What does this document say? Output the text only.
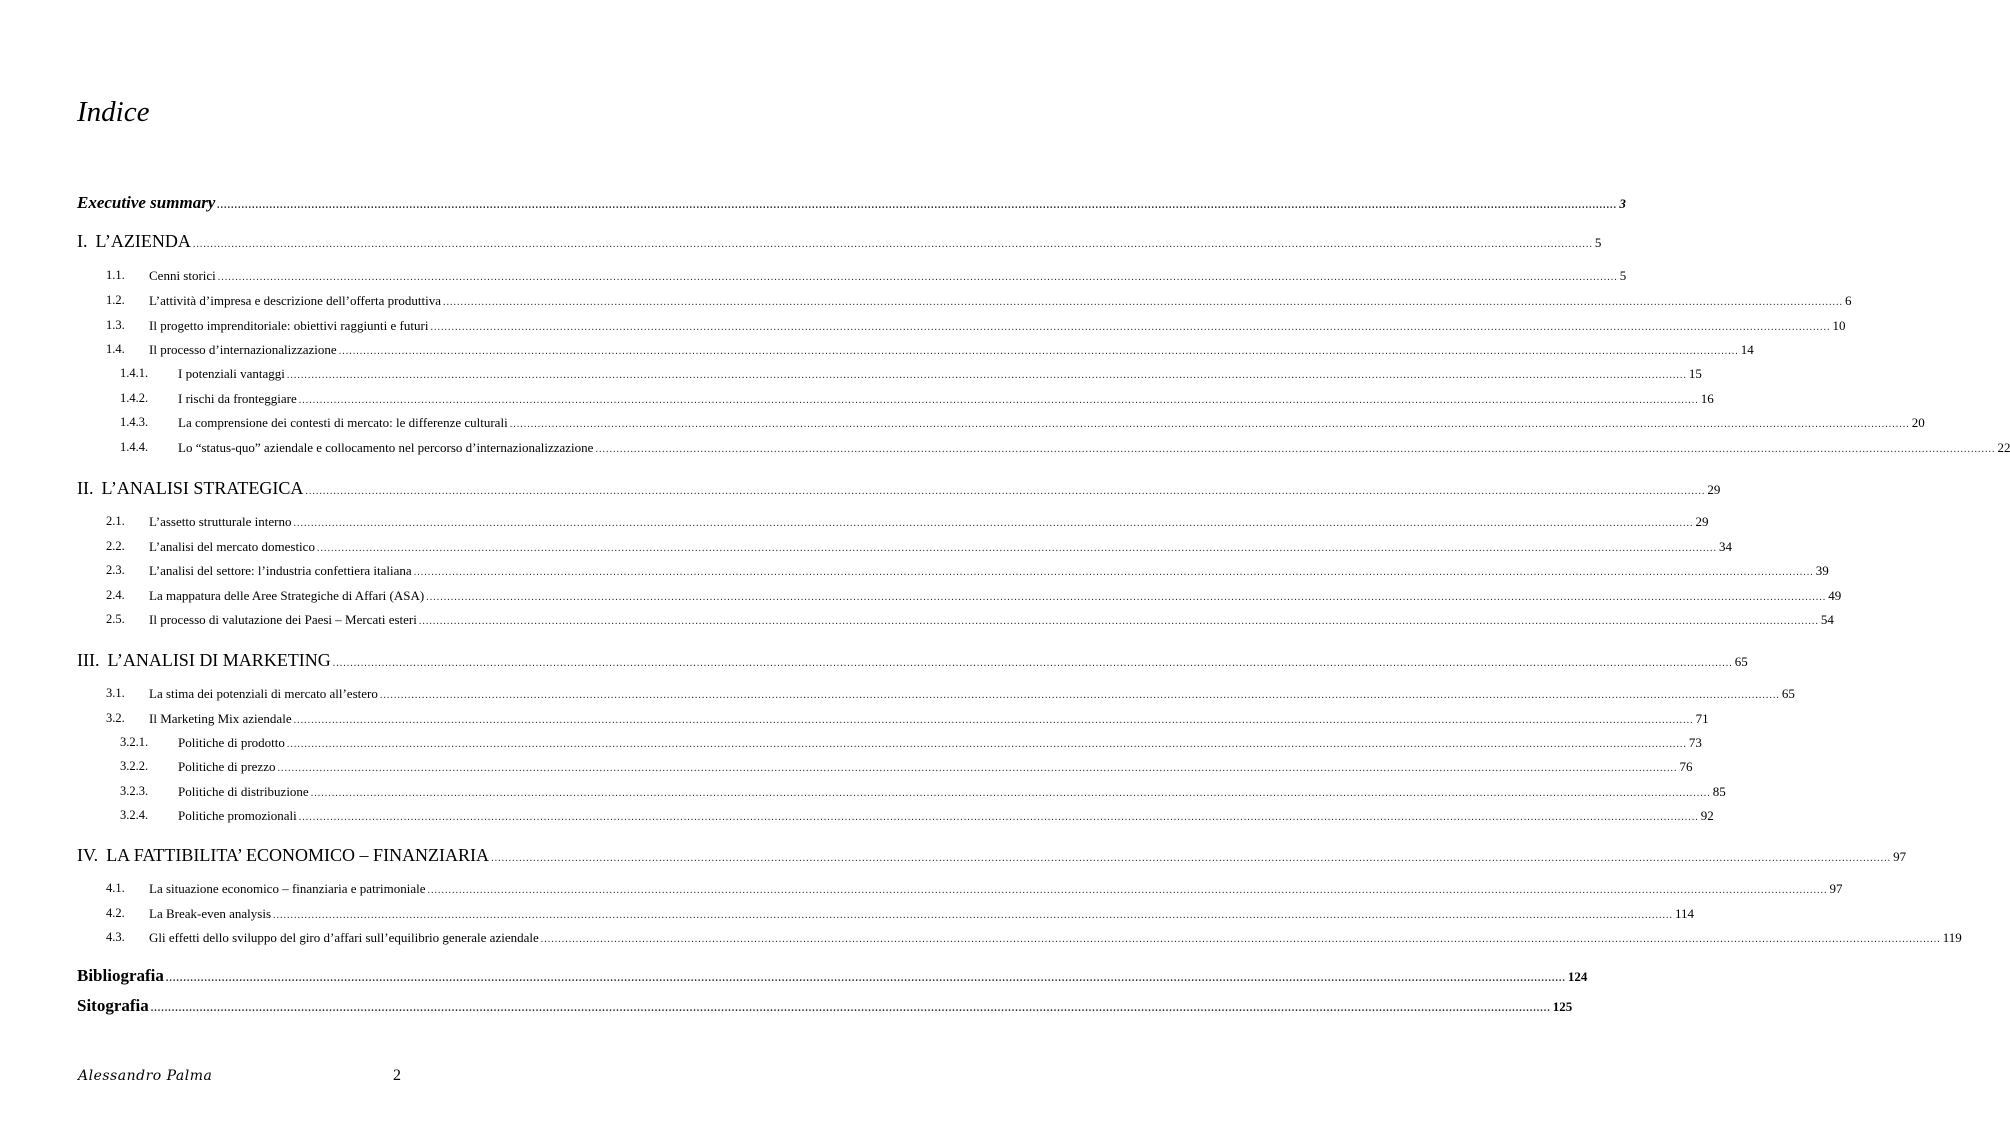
Indice
Executive summary ................................................................................................................................................................................................................................................................................................................................................................................................................ 3
I. L’AZIENDA ................................................................................................................................................................................................................................................................................................................................................................................................................ 5
1.1. Cenni storici ................................................................................................................................................................................................................................................................................................................................................................................................................ 5
1.2. L’attività d’impresa e descrizione dell’offerta produttiva ................................................................................................................................................................................................................................................................................................................................................................................................................ 6
1.3. Il progetto imprenditoriale: obiettivi raggiunti e futuri ................................................................................................................................................................................................................................................................................................................................................................................................................ 10
1.4. Il processo d’internazionalizzazione ................................................................................................................................................................................................................................................................................................................................................................................................................ 14
1.4.1. I potenziali vantaggi ................................................................................................................................................................................................................................................................................................................................................................................................................ 15
1.4.2. I rischi da fronteggiare ................................................................................................................................................................................................................................................................................................................................................................................................................ 16
1.4.3. La comprensione dei contesti di mercato: le differenze culturali ................................................................................................................................................................................................................................................................................................................................................................................................................ 20
1.4.4. Lo “status-quo” aziendale e collocamento nel percorso d’internazionalizzazione ................................................................................................................................................................................................................................................................................................................................................................................................................ 22
II. L’ANALISI STRATEGICA ................................................................................................................................................................................................................................................................................................................................................................................................................ 29
2.1. L’assetto strutturale interno ................................................................................................................................................................................................................................................................................................................................................................................................................ 29
2.2. L’analisi del mercato domestico ................................................................................................................................................................................................................................................................................................................................................................................................................ 34
2.3. L’analisi del settore: l’industria confettiera italiana ................................................................................................................................................................................................................................................................................................................................................................................................................ 39
2.4. La mappatura delle Aree Strategiche di Affari (ASA) ................................................................................................................................................................................................................................................................................................................................................................................................................ 49
2.5. Il processo di valutazione dei Paesi – Mercati esteri ................................................................................................................................................................................................................................................................................................................................................................................................................ 54
III. L’ANALISI DI MARKETING ................................................................................................................................................................................................................................................................................................................................................................................................................ 65
3.1. La stima dei potenziali di mercato all’estero ................................................................................................................................................................................................................................................................................................................................................................................................................ 65
3.2. Il Marketing Mix aziendale ................................................................................................................................................................................................................................................................................................................................................................................................................ 71
3.2.1. Politiche di prodotto ................................................................................................................................................................................................................................................................................................................................................................................................................ 73
3.2.2. Politiche di prezzo ................................................................................................................................................................................................................................................................................................................................................................................................................ 76
3.2.3. Politiche di distribuzione ................................................................................................................................................................................................................................................................................................................................................................................................................ 85
3.2.4. Politiche promozionali ................................................................................................................................................................................................................................................................................................................................................................................................................ 92
IV. LA FATTIBILITA’ ECONOMICO – FINANZIARIA ................................................................................................................................................................................................................................................................................................................................................................................................................ 97
4.1. La situazione economico – finanziaria e patrimoniale ................................................................................................................................................................................................................................................................................................................................................................................................................ 97
4.2. La Break-even analysis ................................................................................................................................................................................................................................................................................................................................................................................................................ 114
4.3. Gli effetti dello sviluppo del giro d’affari sull’equilibrio generale aziendale ................................................................................................................................................................................................................................................................................................................................................................................................................ 119
Bibliografia ................................................................................................................................................................................................................................................................................................................................................................................................................ 124
Sitografia ................................................................................................................................................................................................................................................................................................................................................................................................................ 125
Alessandro Palma	2
